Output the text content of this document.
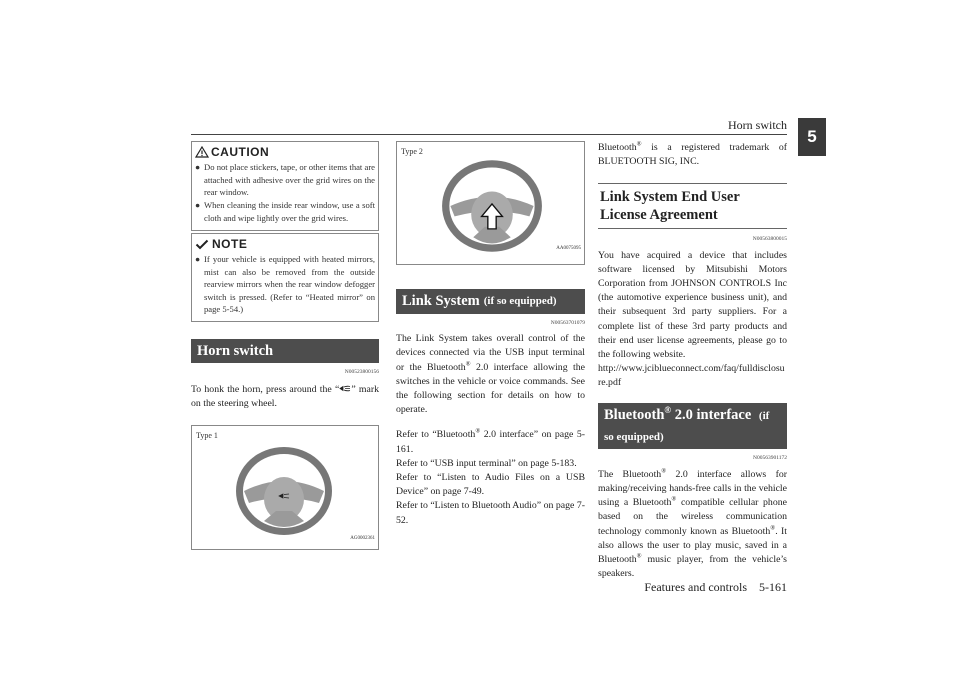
Horn switch
5
CAUTION
● Do not place stickers, tape, or other items that are attached with adhesive over the grid wires on the rear window.
● When cleaning the inside rear window, use a soft cloth and wipe lightly over the grid wires.
NOTE
● If your vehicle is equipped with heated mirrors, mist can also be removed from the outside rearview mirrors when the rear window defogger switch is pressed. (Refer to “Heated mirror” on page 5-54.)
Horn switch
N00523800156
To honk the horn, press around the “ ” mark on the steering wheel.
Type 1
AG0002361
Type 2
AA0075095
Link System (if so equipped)
N00563701079
The Link System takes overall control of the devices connected via the USB input terminal or the Bluetooth® 2.0 interface allowing the switches in the vehicle or voice commands. See the following section for details on how to operate.
Refer to “Bluetooth® 2.0 interface” on page 5-161.
Refer to “USB input terminal” on page 5-183.
Refer to “Listen to Audio Files on a USB Device” on page 7-49.
Refer to “Listen to Bluetooth Audio” on page 7-52.
Bluetooth® is a registered trademark of BLUETOOTH SIG, INC.
Link System End User License Agreement
N00563800015
You have acquired a device that includes software licensed by Mitsubishi Motors Corporation from JOHNSON CONTROLS Inc (the automotive experience business unit), and their subsequent 3rd party suppliers. For a complete list of these 3rd party products and their end user license agreements, please go to the following website.
http://www.jciblueconnect.com/faq/fulldisclosure.pdf
Bluetooth® 2.0 interface (if so equipped)
N00563901172
The Bluetooth® 2.0 interface allows for making/receiving hands-free calls in the vehicle using a Bluetooth® compatible cellular phone based on the wireless communication technology commonly known as Bluetooth®. It also allows the user to play music, saved in a Bluetooth® music player, from the vehicle’s speakers.
Features and controls    5-161
